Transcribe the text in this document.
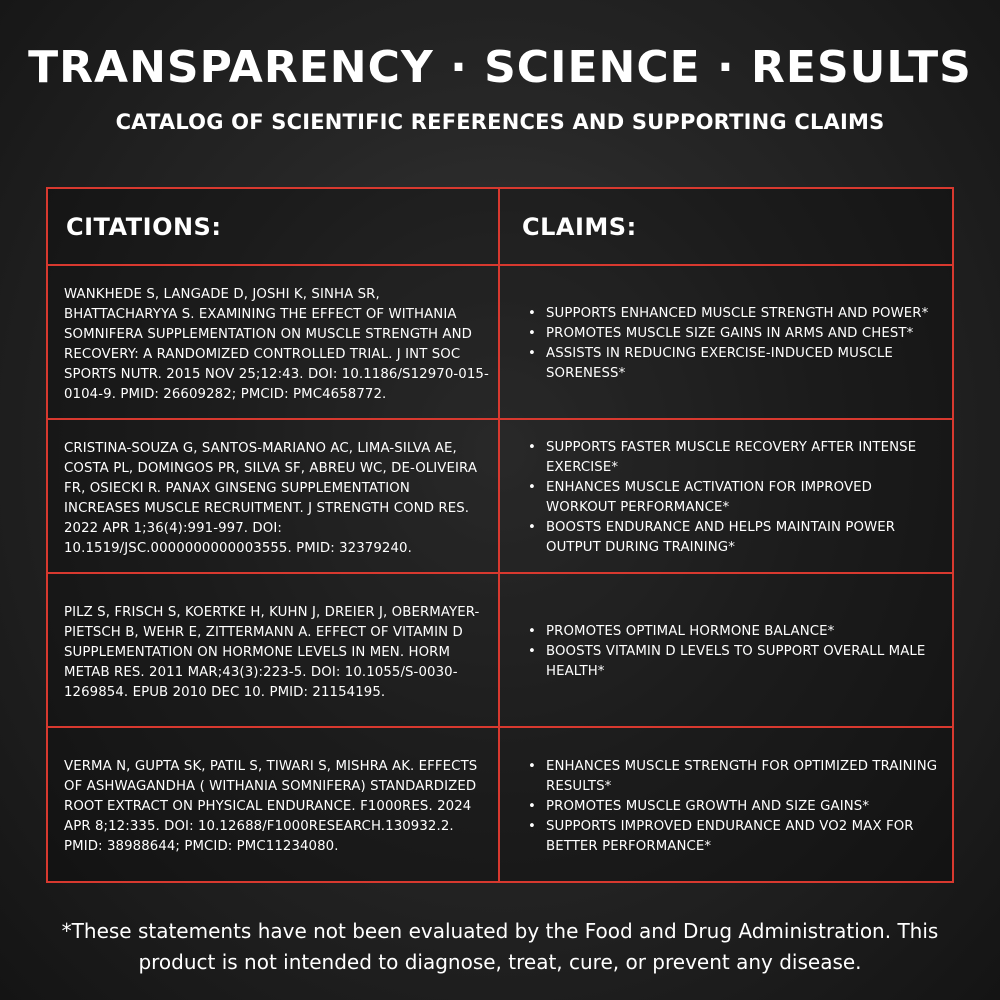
TRANSPARENCY · SCIENCE · RESULTS
CATALOG OF SCIENTIFIC REFERENCES AND SUPPORTING CLAIMS
CITATIONS:	CLAIMS:
WANKHEDE S, LANGADE D, JOSHI K, SINHA SR, BHATTACHARYYA S. EXAMINING THE EFFECT OF WITHANIA SOMNIFERA SUPPLEMENTATION ON MUSCLE STRENGTH AND RECOVERY: A RANDOMIZED CONTROLLED TRIAL. J INT SOC SPORTS NUTR. 2015 NOV 25;12:43. DOI: 10.1186/S12970-015-0104-9. PMID: 26609282; PMCID: PMC4658772.
• SUPPORTS ENHANCED MUSCLE STRENGTH AND POWER*
• PROMOTES MUSCLE SIZE GAINS IN ARMS AND CHEST*
• ASSISTS IN REDUCING EXERCISE-INDUCED MUSCLE SORENESS*
CRISTINA-SOUZA G, SANTOS-MARIANO AC, LIMA-SILVA AE, COSTA PL, DOMINGOS PR, SILVA SF, ABREU WC, DE-OLIVEIRA FR, OSIECKI R. PANAX GINSENG SUPPLEMENTATION INCREASES MUSCLE RECRUITMENT. J STRENGTH COND RES. 2022 APR 1;36(4):991-997. DOI: 10.1519/JSC.0000000000003555. PMID: 32379240.
• SUPPORTS FASTER MUSCLE RECOVERY AFTER INTENSE EXERCISE*
• ENHANCES MUSCLE ACTIVATION FOR IMPROVED WORKOUT PERFORMANCE*
• BOOSTS ENDURANCE AND HELPS MAINTAIN POWER OUTPUT DURING TRAINING*
PILZ S, FRISCH S, KOERTKE H, KUHN J, DREIER J, OBERMAYER-PIETSCH B, WEHR E, ZITTERMANN A. EFFECT OF VITAMIN D SUPPLEMENTATION ON HORMONE LEVELS IN MEN. HORM METAB RES. 2011 MAR;43(3):223-5. DOI: 10.1055/S-0030-1269854. EPUB 2010 DEC 10. PMID: 21154195.
• PROMOTES OPTIMAL HORMONE BALANCE*
• BOOSTS VITAMIN D LEVELS TO SUPPORT OVERALL MALE HEALTH*
VERMA N, GUPTA SK, PATIL S, TIWARI S, MISHRA AK. EFFECTS OF ASHWAGANDHA ( WITHANIA SOMNIFERA) STANDARDIZED ROOT EXTRACT ON PHYSICAL ENDURANCE. F1000RES. 2024 APR 8;12:335. DOI: 10.12688/F1000RESEARCH.130932.2. PMID: 38988644; PMCID: PMC11234080.
• ENHANCES MUSCLE STRENGTH FOR OPTIMIZED TRAINING RESULTS*
• PROMOTES MUSCLE GROWTH AND SIZE GAINS*
• SUPPORTS IMPROVED ENDURANCE AND VO2 MAX FOR BETTER PERFORMANCE*
*These statements have not been evaluated by the Food and Drug Administration. This product is not intended to diagnose, treat, cure, or prevent any disease.
